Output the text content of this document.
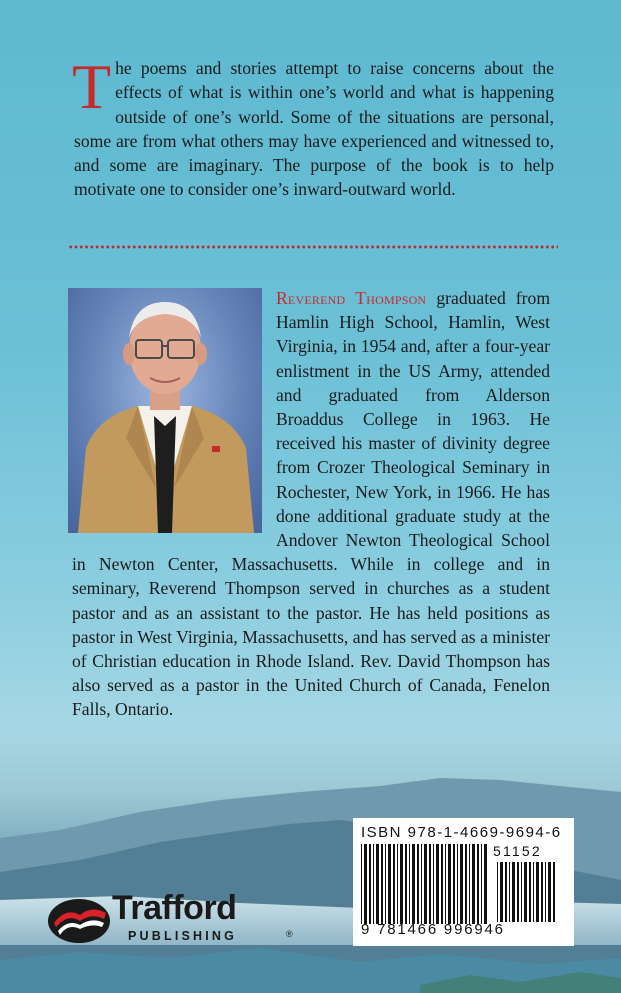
The poems and stories attempt to raise concerns about the effects of what is within one’s world and what is happening outside of one’s world. Some of the situations are personal, some are from what others may have experienced and witnessed to, and some are imaginary. The purpose of the book is to help motivate one to consider one’s inward-outward world.
Reverend Thompson graduated from Hamlin High School, Hamlin, West Virginia, in 1954 and, after a four-year enlistment in the US Army, attended and graduated from Alderson Broaddus College in 1963. He received his master of divinity degree from Crozer Theological Seminary in Rochester, New York, in 1966. He has done additional graduate study at the Andover Newton Theological School in Newton Center, Massachusetts. While in college and in seminary, Reverend Thompson served in churches as a student pastor and as an assistant to the pastor. He has held positions as pastor in West Virginia, Massachusetts, and has served as a minister of Christian education in Rhode Island. Rev. David Thompson has also served as a pastor in the United Church of Canada, Fenelon Falls, Ontario.
Trafford
PUBLISHING	®
ISBN 978-1-4669-9694-6
51152
9 781466 996946
